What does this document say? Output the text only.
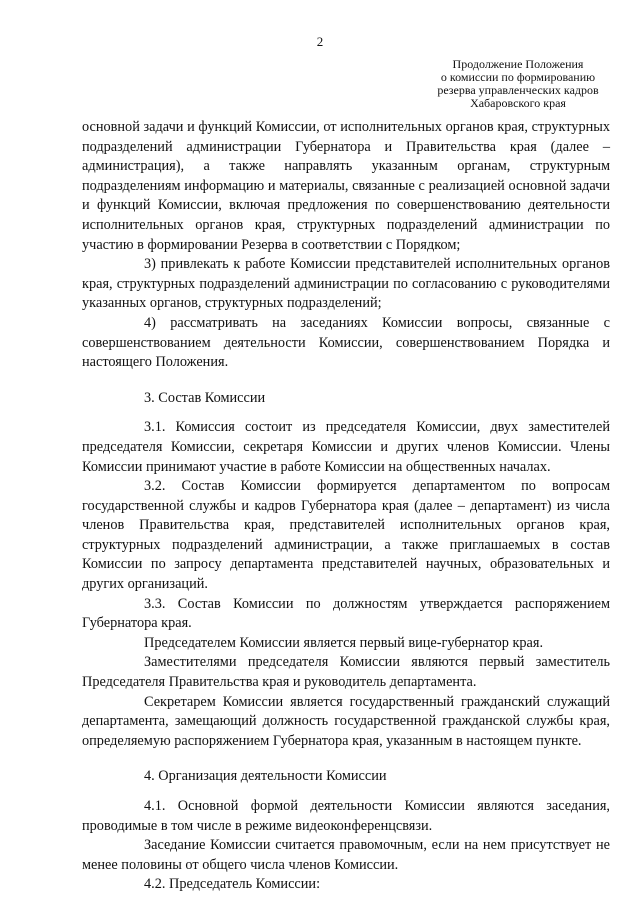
2
Продолжение Положения
о комиссии по формированию
резерва управленческих кадров
Хабаровского края

основной задачи и функций Комиссии, от исполнительных органов края, структурных подразделений администрации Губернатора и Правительства края (далее – администрация), а также направлять указанным органам, структурным подразделениям информацию и материалы, связанные с реализацией основной задачи и функций Комиссии, включая предложения по совершенствованию деятельности исполнительных органов края, структурных подразделений администрации по участию в формировании Резерва в соответствии с Порядком;

3) привлекать к работе Комиссии представителей исполнительных органов края, структурных подразделений администрации по согласованию с руководителями указанных органов, структурных подразделений;

4) рассматривать на заседаниях Комиссии вопросы, связанные с совершенствованием деятельности Комиссии, совершенствованием Порядка и настоящего Положения.

3. Состав Комиссии

3.1. Комиссия состоит из председателя Комиссии, двух заместителей председателя Комиссии, секретаря Комиссии и других членов Комиссии. Члены Комиссии принимают участие в работе Комиссии на общественных началах.

3.2. Состав Комиссии формируется департаментом по вопросам государственной службы и кадров Губернатора края (далее – департамент) из числа членов Правительства края, представителей исполнительных органов края, структурных подразделений администрации, а также приглашаемых в состав Комиссии по запросу департамента представителей научных, образовательных и других организаций.

3.3. Состав Комиссии по должностям утверждается распоряжением Губернатора края.

Председателем Комиссии является первый вице-губернатор края.

Заместителями председателя Комиссии являются первый заместитель Председателя Правительства края и руководитель департамента.

Секретарем Комиссии является государственный гражданский служащий департамента, замещающий должность государственной гражданской службы края, определяемую распоряжением Губернатора края, указанным в настоящем пункте.

4. Организация деятельности Комиссии

4.1. Основной формой деятельности Комиссии являются заседания, проводимые в том числе в режиме видеоконференцсвязи.

Заседание Комиссии считается правомочным, если на нем присутствует не менее половины от общего числа членов Комиссии.

4.2. Председатель Комиссии:
